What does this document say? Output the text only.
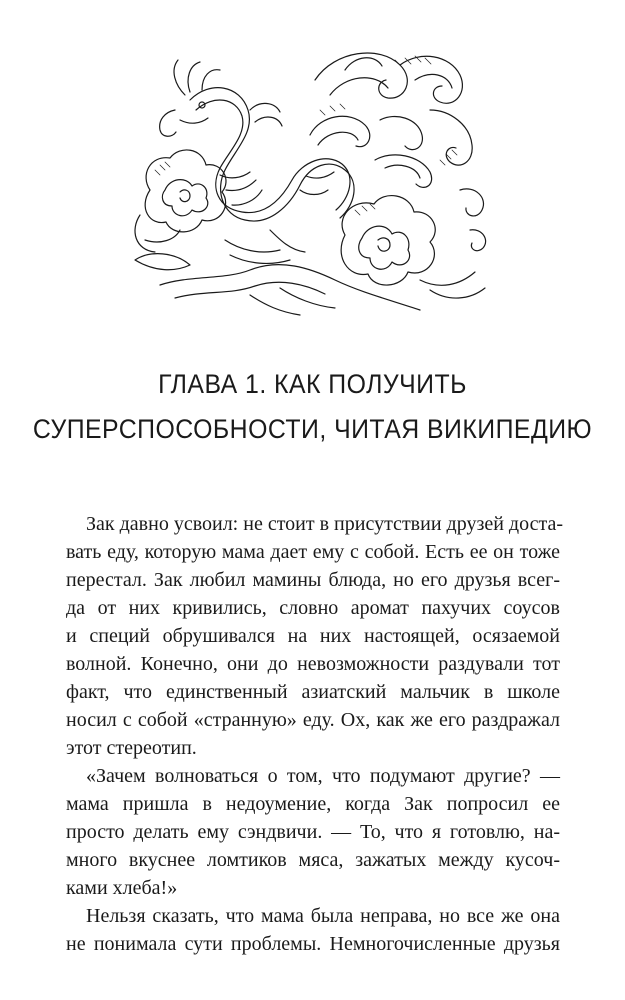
ГЛАВА 1. КАК ПОЛУЧИТЬ
СУПЕРСПОСОБНОСТИ, ЧИТАЯ ВИКИПЕДИЮ
Зак давно усвоил: не стоит в присутствии друзей доста-
вать еду, которую мама дает ему с собой. Есть ее он тоже
перестал. Зак любил мамины блюда, но его друзья всег-
да от них кривились, словно аромат пахучих соусов
и специй обрушивался на них настоящей, осязаемой
волной. Конечно, они до невозможности раздували тот
факт, что единственный азиатский мальчик в школе
носил с собой «странную» еду. Ох, как же его раздражал
этот стереотип.
«Зачем волноваться о том, что подумают другие? —
мама пришла в недоумение, когда Зак попросил ее
просто делать ему сэндвичи. — То, что я готовлю, на-
много вкуснее ломтиков мяса, зажатых между кусоч-
ками хлеба!»
Нельзя сказать, что мама была неправа, но все же она
не понимала сути проблемы. Немногочисленные друзья
